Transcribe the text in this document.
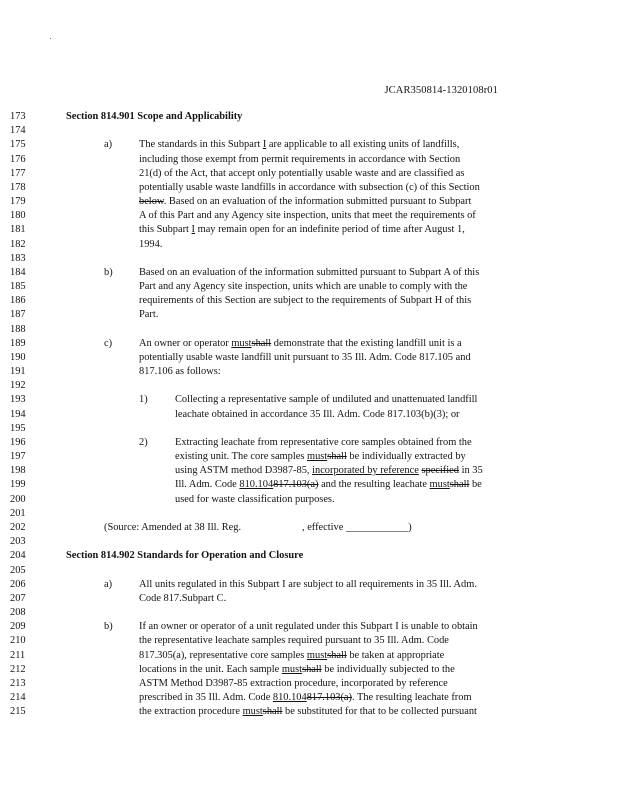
JCAR350814-1320108r01
173	Section 814.901 Scope and Applicability
174
175	a)	The standards in this Subpart I are applicable to all existing units of landfills,
176	including those exempt from permit requirements in accordance with Section
177	21(d) of the Act, that accept only potentially usable waste and are classified as
178	potentially usable waste landfills in accordance with subsection (c) of this Section
179	below. Based on an evaluation of the information submitted pursuant to Subpart
180	A of this Part and any Agency site inspection, units that meet the requirements of
181	this Subpart I may remain open for an indefinite period of time after August 1,
182	1994.
183
184	b)	Based on an evaluation of the information submitted pursuant to Subpart A of this
185	Part and any Agency site inspection, units which are unable to comply with the
186	requirements of this Section are subject to the requirements of Subpart H of this
187	Part.
188
189	c)	An owner or operator mustshall demonstrate that the existing landfill unit is a
190	potentially usable waste landfill unit pursuant to 35 Ill. Adm. Code 817.105 and
191	817.106 as follows:
192
193	1)	Collecting a representative sample of undiluted and unattenuated landfill
194	leachate obtained in accordance 35 Ill. Adm. Code 817.103(b)(3); or
195
196	2)	Extracting leachate from representative core samples obtained from the
197	existing unit. The core samples mustshall be individually extracted by
198	using ASTM method D3987-85, incorporated by reference specified in 35
199	Ill. Adm. Code 810.104817.103(a) and the resulting leachate mustshall be
200	used for waste classification purposes.
201
202	(Source: Amended at 38 Ill. Reg.	, effective ____________)
203
204	Section 814.902 Standards for Operation and Closure
205
206	a)	All units regulated in this Subpart I are subject to all requirements in 35 Ill. Adm.
207	Code 817.Subpart C.
208
209	b)	If an owner or operator of a unit regulated under this Subpart I is unable to obtain
210	the representative leachate samples required pursuant to 35 Ill. Adm. Code
211	817.305(a), representative core samples mustshall be taken at appropriate
212	locations in the unit. Each sample mustshall be individually subjected to the
213	ASTM Method D3987-85 extraction procedure, incorporated by reference
214	prescribed in 35 Ill. Adm. Code 810.104817.103(a). The resulting leachate from
215	the extraction procedure mustshall be substituted for that to be collected pursuant
